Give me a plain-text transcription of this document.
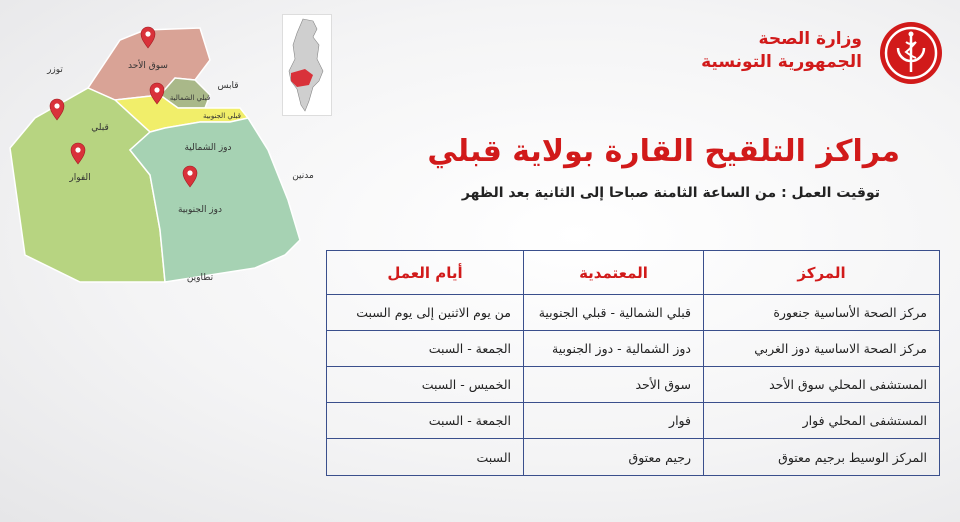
توزر	سوق الأحد
قبلي الشمالية
قابس
قبلي الجنوبية
قبلي
دوز الشمالية
مدنين
الفوار
دوز الجنوبية
تطاوين
وزارة الصحة
الجمهورية التونسية
مراكز التلقيح القارة بولاية قبلي
توقيت العمل : من الساعة الثامنة صباحا إلى الثانية بعد الظهر
المركز
المعتمدية
أيام العمل
مركز الصحة الأساسية جنعورة
قبلي الشمالية - قبلي الجنوبية
من يوم الاثنين إلى يوم السبت
مركز الصحة الاساسية دوز الغربي
دوز الشمالية - دوز الجنوبية
الجمعة - السبت
المستشفى المحلي سوق الأحد
سوق الأحد
الخميس - السبت
المستشفى المحلي فوار
فوار
الجمعة - السبت
المركز الوسيط برجيم معتوق
رجيم معتوق
السبت
